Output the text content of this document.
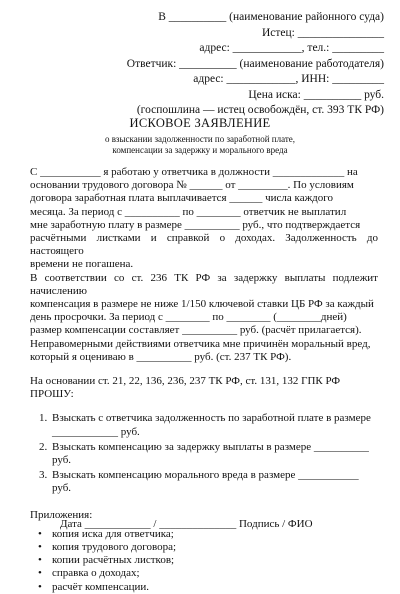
В __________ (наименование районного суда)
Истец: _______________
адрес: ____________, тел.: _________
Ответчик: __________ (наименование работодателя)
адрес: ____________, ИНН: _________
Цена иска: __________ руб.
(госпошлина — истец освобождён, ст. 393 ТК РФ)
ИСКОВОЕ ЗАЯВЛЕНИЕ
о взыскании задолженности по заработной плате,
компенсации за задержку и морального вреда
С ___________ я работаю у ответчика в должности _____________ на
основании трудового договора № ______ от _________. По условиям
договора заработная плата выплачивается ______ числа каждого
месяца. За период с __________ по ________ ответчик не выплатил
мне заработную плату в размере __________ руб., что подтверждается
расчётными листками и справкой о доходах. Задолженность до настоящего
времени не погашена.
В соответствии со ст. 236 ТК РФ за задержку выплаты подлежит начислению
компенсация в размере не ниже 1/150 ключевой ставки ЦБ РФ за каждый
день просрочки. За период с ________ по ________ (________дней)
размер компенсации составляет __________ руб. (расчёт прилагается).
Неправомерными действиями ответчика мне причинён моральный вред,
который я оцениваю в __________ руб. (ст. 237 ТК РФ).
На основании ст. 21, 22, 136, 236, 237 ТК РФ, ст. 131, 132 ГПК РФ
ПРОШУ:
1. Взыскать с ответчика задолженность по заработной плате в размере
____________ руб.
2. Взыскать компенсацию за задержку выплаты в размере __________
руб.
3. Взыскать компенсацию морального вреда в размере ___________ руб.
Приложения:
• копия иска для ответчика;
• копия трудового договора;
• копии расчётных листков;
• справка о доходах;
• расчёт компенсации.
Дата ____________ / ______________ Подпись / ФИО
